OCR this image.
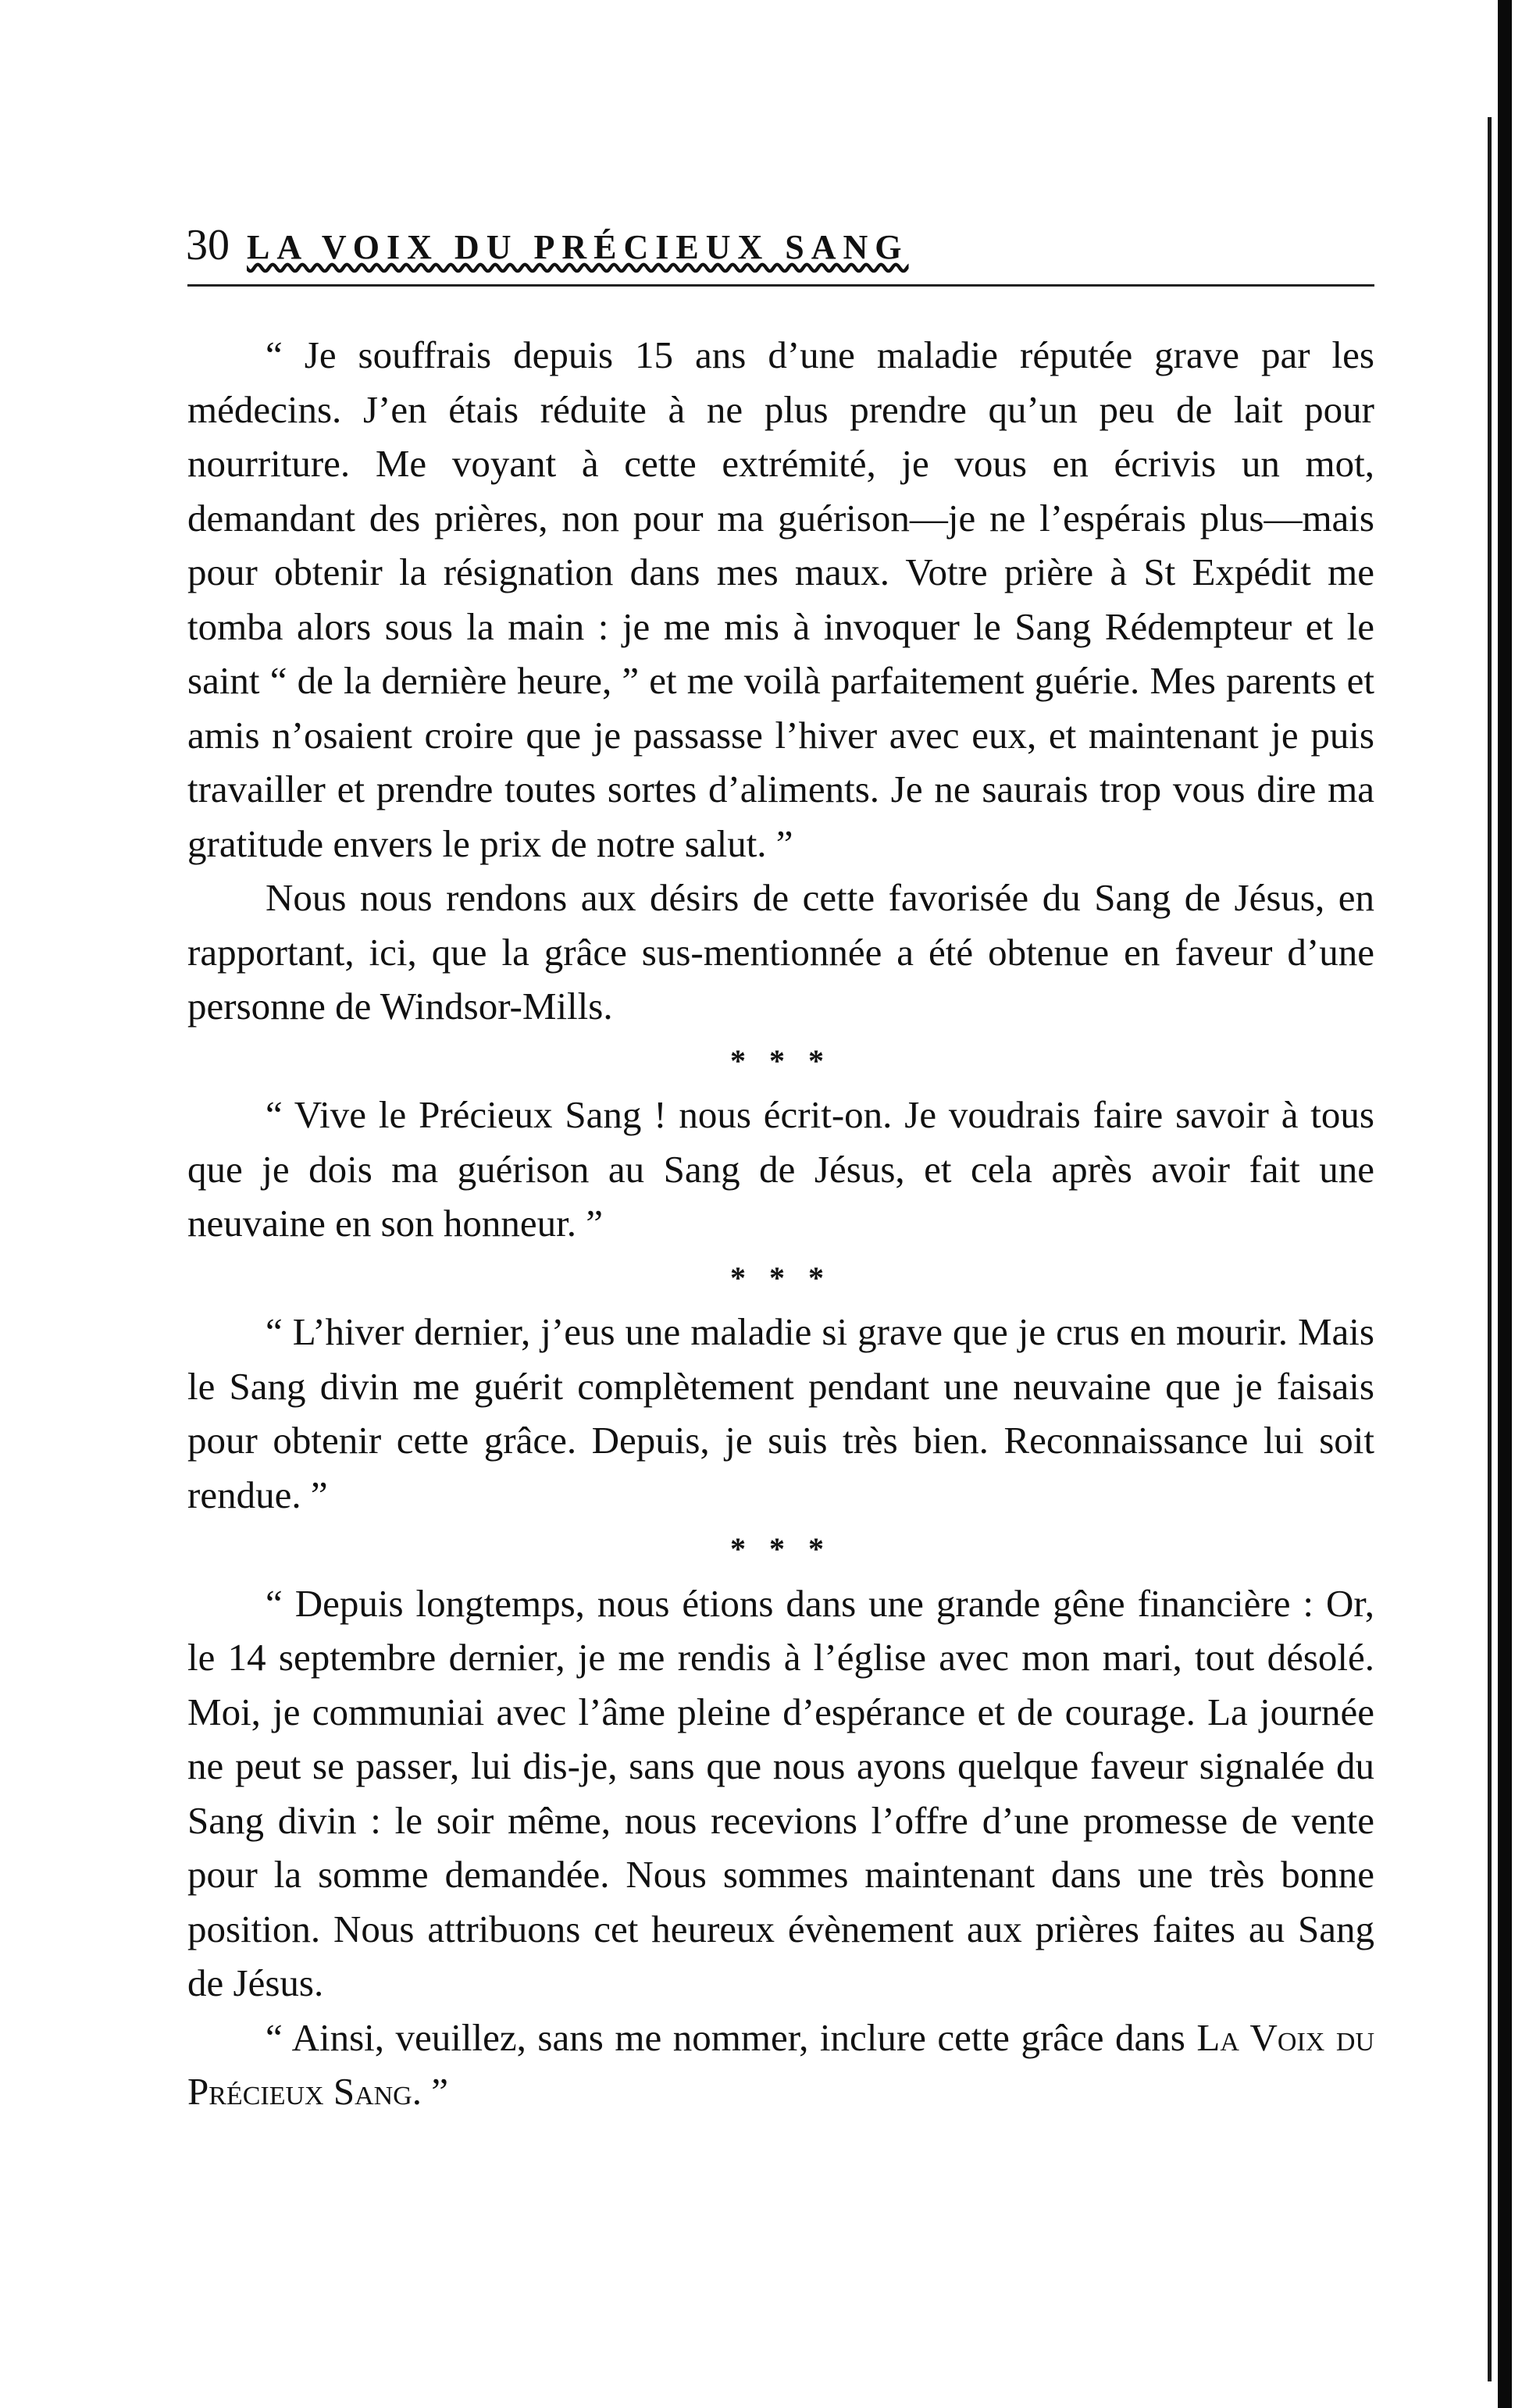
30 LA VOIX DU PRÉCIEUX SANG

“ Je souffrais depuis 15 ans d’une maladie réputée grave par les médecins. J’en étais réduite à ne plus prendre qu’un peu de lait pour nourriture. Me voyant à cette extrémité, je vous en écrivis un mot, demandant des prières, non pour ma guérison—je ne l’espérais plus—mais pour obtenir la résignation dans mes maux. Votre prière à St Expédit me tomba alors sous la main : je me mis à invoquer le Sang Rédempteur et le saint “ de la dernière heure, ” et me voilà parfaitement guérie. Mes parents et amis n’osaient croire que je passasse l’hiver avec eux, et maintenant je puis travailler et prendre toutes sortes d’aliments. Je ne saurais trop vous dire ma gratitude envers le prix de notre salut. ”

Nous nous rendons aux désirs de cette favorisée du Sang de Jésus, en rapportant, ici, que la grâce sus-mentionnée a été obtenue en faveur d’une personne de Windsor-Mills.

* * *

“ Vive le Précieux Sang ! nous écrit-on. Je voudrais faire savoir à tous que je dois ma guérison au Sang de Jésus, et cela après avoir fait une neuvaine en son honneur. ”

* * *

“ L’hiver dernier, j’eus une maladie si grave que je crus en mourir. Mais le Sang divin me guérit complètement pendant une neuvaine que je faisais pour obtenir cette grâce. Depuis, je suis très bien. Reconnaissance lui soit rendue. ”

* * *

“ Depuis longtemps, nous étions dans une grande gêne financière : Or, le 14 septembre dernier, je me rendis à l’église avec mon mari, tout désolé. Moi, je communiai avec l’âme pleine d’espérance et de courage. La journée ne peut se passer, lui dis-je, sans que nous ayons quelque faveur signalée du Sang divin : le soir même, nous recevions l’offre d’une promesse de vente pour la somme demandée. Nous sommes maintenant dans une très bonne position. Nous attribuons cet heureux évènement aux prières faites au Sang de Jésus.

“ Ainsi, veuillez, sans me nommer, inclure cette grâce dans La Voix du Précieux Sang. ”
